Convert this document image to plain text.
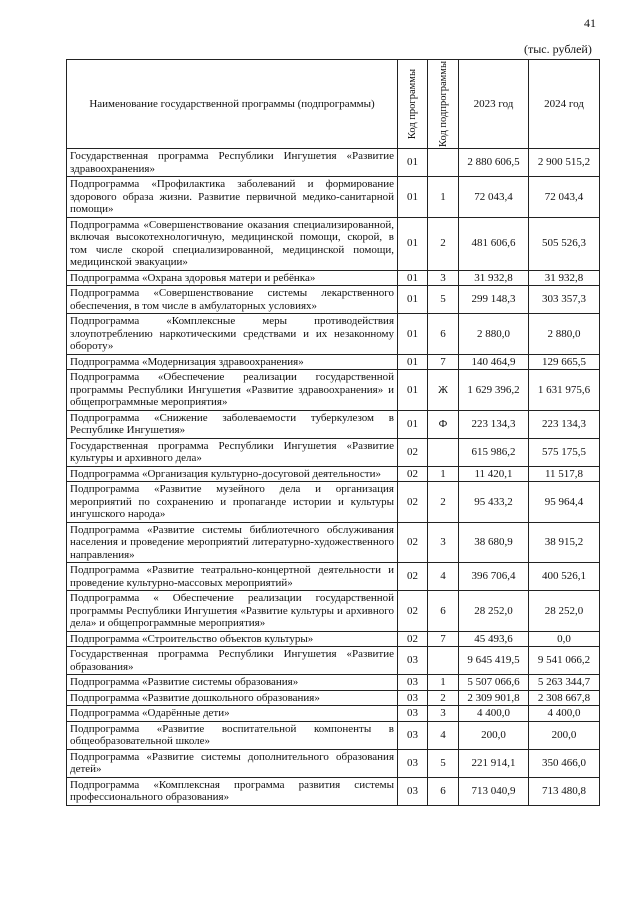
41
(тыс. рублей)
Наименование государственной программы (подпрограммы)	Код программы	Код подпрограммы	2023 год	2024 год
Государственная программа Республики Ингушетия «Развитие здравоохранения»	01		2 880 606,5	2 900 515,2
Подпрограмма «Профилактика заболеваний и формирование здорового образа жизни. Развитие первичной медико-санитарной помощи»	01	1	72 043,4	72 043,4
Подпрограмма «Совершенствование оказания специализированной, включая высокотехнологичную, медицинской помощи, скорой, в том числе скорой специализированной, медицинской помощи, медицинской эвакуации»	01	2	481 606,6	505 526,3
Подпрограмма «Охрана здоровья матери и ребёнка»	01	3	31 932,8	31 932,8
Подпрограмма «Совершенствование системы лекарственного обеспечения, в том числе в амбулаторных условиях»	01	5	299 148,3	303 357,3
Подпрограмма «Комплексные меры противодействия злоупотреблению наркотическими средствами и их незаконному обороту»	01	6	2 880,0	2 880,0
Подпрограмма «Модернизация здравоохранения»	01	7	140 464,9	129 665,5
Подпрограмма «Обеспечение реализации государственной программы Республики Ингушетия «Развитие здравоохранения» и общепрограммные мероприятия»	01	Ж	1 629 396,2	1 631 975,6
Подпрограмма «Снижение заболеваемости туберкулезом в Республике Ингушетия»	01	Ф	223 134,3	223 134,3
Государственная программа Республики Ингушетия «Развитие культуры и архивного дела»	02		615 986,2	575 175,5
Подпрограмма «Организация культурно-досуговой деятельности»	02	1	11 420,1	11 517,8
Подпрограмма «Развитие музейного дела и организация мероприятий по сохранению и пропаганде истории и культуры ингушского народа»	02	2	95 433,2	95 964,4
Подпрограмма «Развитие системы библиотечного обслуживания населения и проведение мероприятий литературно-художественного направления»	02	3	38 680,9	38 915,2
Подпрограмма «Развитие театрально-концертной деятельности и проведение культурно-массовых мероприятий»	02	4	396 706,4	400 526,1
Подпрограмма « Обеспечение реализации государственной программы Республики Ингушетия «Развитие культуры и архивного дела» и общепрограммные мероприятия»	02	6	28 252,0	28 252,0
Подпрограмма «Строительство объектов культуры»	02	7	45 493,6	0,0
Государственная программа Республики Ингушетия «Развитие образования»	03		9 645 419,5	9 541 066,2
Подпрограмма «Развитие системы образования»	03	1	5 507 066,6	5 263 344,7
Подпрограмма «Развитие дошкольного образования»	03	2	2 309 901,8	2 308 667,8
Подпрограмма «Одарённые дети»	03	3	4 400,0	4 400,0
Подпрограмма «Развитие воспитательной компоненты в общеобразовательной школе»	03	4	200,0	200,0
Подпрограмма «Развитие системы дополнительного образования детей»	03	5	221 914,1	350 466,0
Подпрограмма «Комплексная программа развития системы профессионального образования»	03	6	713 040,9	713 480,8
